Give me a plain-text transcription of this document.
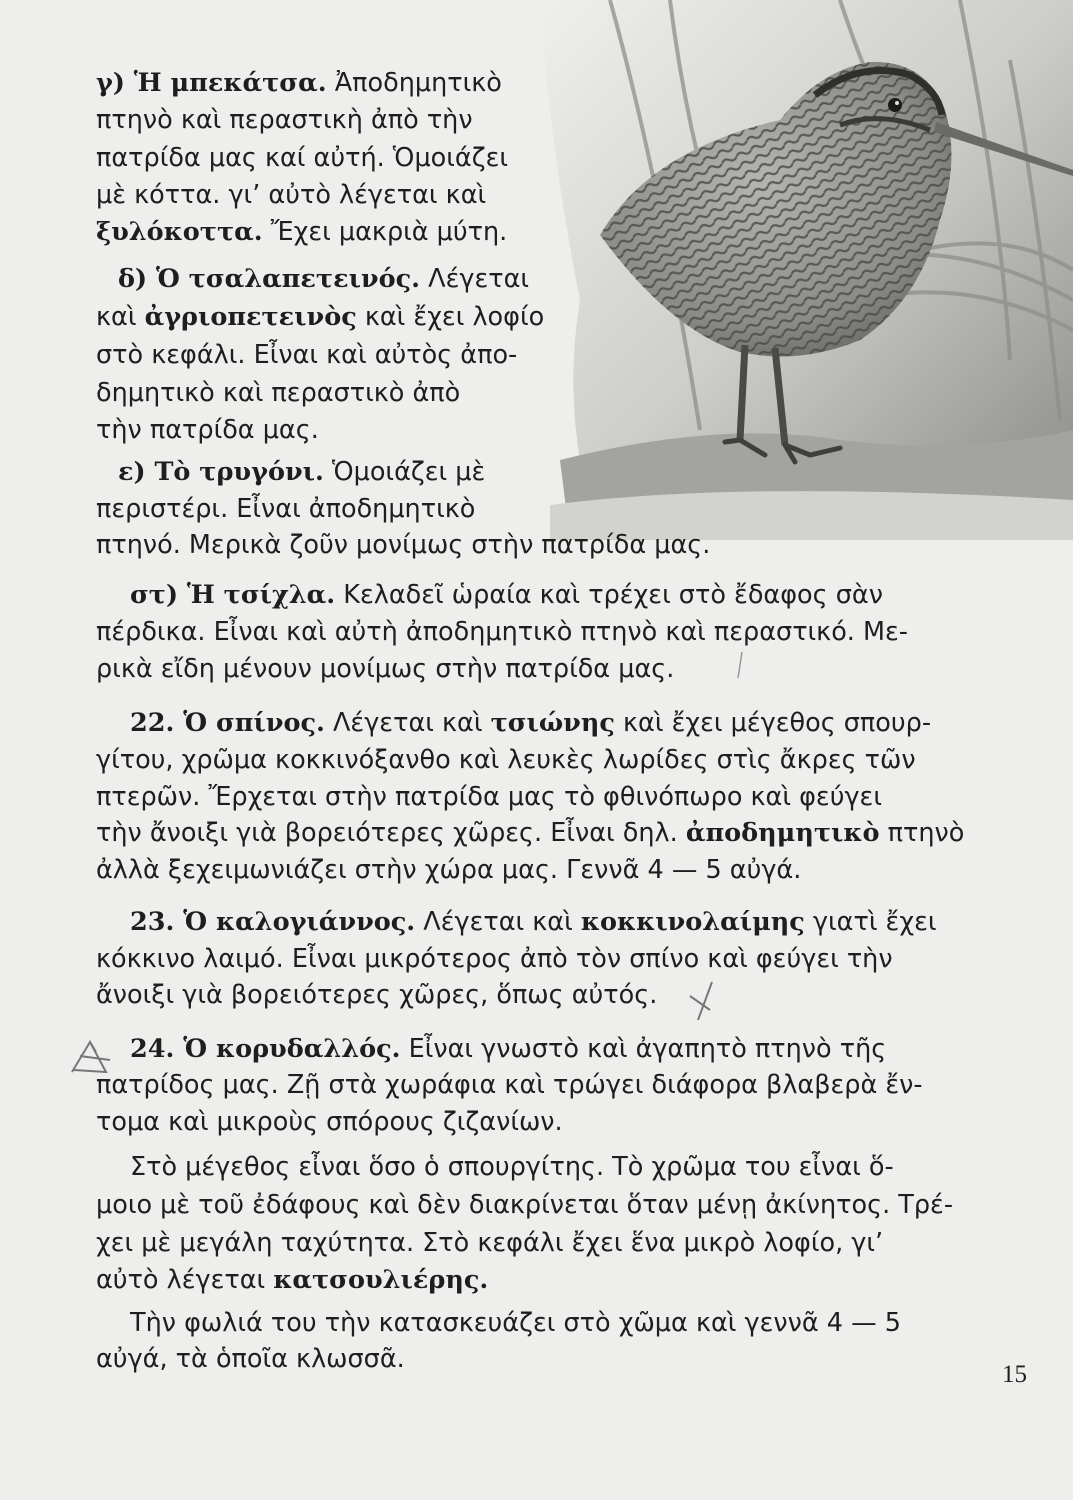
γ) Ἡ μπεκάτσα. Ἀποδημητικὸ
πτηνὸ καὶ περαστικὴ ἀπὸ τὴν
πατρίδα μας καί αὐτή. Ὁμοιάζει
μὲ κόττα. γι’ αὐτὸ λέγεται καὶ
ξυλόκοττα. Ἔχει μακριὰ μύτη.
δ) Ὁ τσαλαπετεινός. Λέγεται
καὶ ἀγριοπετεινὸς καὶ ἔχει λοφίο
στὸ κεφάλι. Εἶναι καὶ αὐτὸς ἀπο-
δημητικὸ καὶ περαστικὸ ἀπὸ
τὴν πατρίδα μας.
ε) Τὸ τρυγόνι. Ὁμοιάζει μὲ
περιστέρι. Εἶναι ἀποδημητικὸ
πτηνό. Μερικὰ ζοῦν μονίμως στὴν πατρίδα μας.
στ) Ἡ τσίχλα. Κελαδεῖ ὡραία καὶ τρέχει στὸ ἔδαφος σὰν
πέρδικα. Εἶναι καὶ αὐτὴ ἀποδημητικὸ πτηνὸ καὶ περαστικό. Με-
ρικὰ εἴδη μένουν μονίμως στὴν πατρίδα μας.
22. Ὁ σπίνος. Λέγεται καὶ τσιώνης καὶ ἔχει μέγεθος σπουρ-
γίτου, χρῶμα κοκκινόξανθο καὶ λευκὲς λωρίδες στὶς ἄκρες τῶν
πτερῶν. Ἔρχεται στὴν πατρίδα μας τὸ φθινόπωρο καὶ φεύγει
τὴν ἄνοιξι γιὰ βορειότερες χῶρες. Εἶναι δηλ. ἀποδημητικὸ πτηνὸ
ἀλλὰ ξεχειμωνιάζει στὴν χώρα μας. Γεννᾶ 4 — 5 αὐγά.
23. Ὁ καλογιάννος. Λέγεται καὶ κοκκινολαίμης γιατὶ ἔχει
κόκκινο λαιμό. Εἶναι μικρότερος ἀπὸ τὸν σπίνο καὶ φεύγει τὴν
ἄνοιξι γιὰ βορειότερες χῶρες, ὅπως αὐτός.
24. Ὁ κορυδαλλός. Εἶναι γνωστὸ καὶ ἀγαπητὸ πτηνὸ τῆς
πατρίδος μας. Ζῇ στὰ χωράφια καὶ τρώγει διάφορα βλαβερὰ ἔν-
τομα καὶ μικροὺς σπόρους ζιζανίων.
Στὸ μέγεθος εἶναι ὅσο ὁ σπουργίτης. Τὸ χρῶμα του εἶναι ὅ-
μοιο μὲ τοῦ ἐδάφους καὶ δὲν διακρίνεται ὅταν μένῃ ἀκίνητος. Τρέ-
χει μὲ μεγάλη ταχύτητα. Στὸ κεφάλι ἔχει ἕνα μικρὸ λοφίο, γι’
αὐτὸ λέγεται κατσουλιέρης.
Τὴν φωλιά του τὴν κατασκευάζει στὸ χῶμα καὶ γεννᾶ 4 — 5
αὐγά, τὰ ὁποῖα κλωσσᾶ.
15
